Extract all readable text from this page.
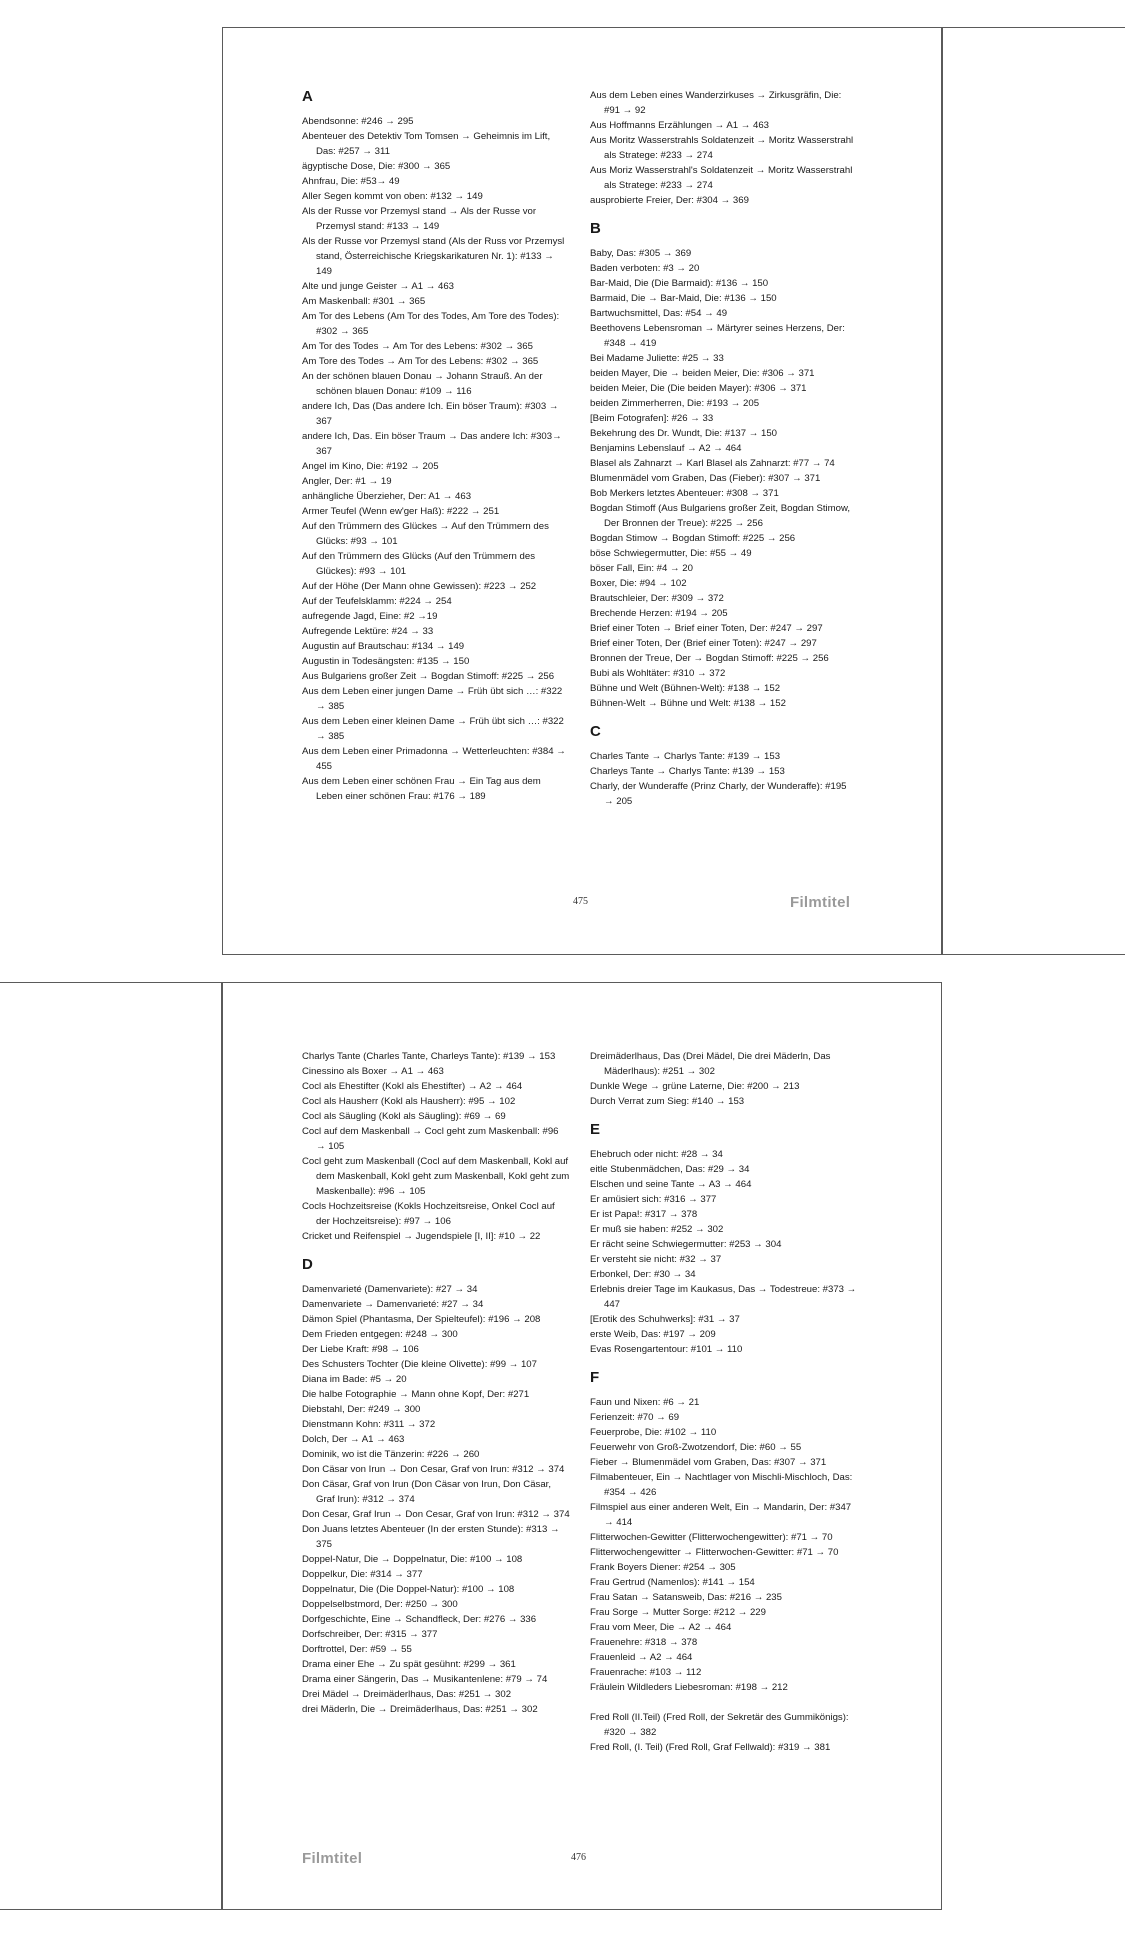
A
Abendsonne: #246 → 295
Abenteuer des Detektiv Tom Tomsen → Geheimnis im Lift, Das: #257 → 311
ägyptische Dose, Die: #300 → 365
Ahnfrau, Die: #53→ 49
Aller Segen kommt von oben: #132 → 149
Als der Russe vor Przemysl stand → Als der Russe vor Przemysl stand: #133 → 149
Als der Russe vor Przemysl stand (Als der Russ vor Przemysl stand, Österreichische Kriegskarikaturen Nr. 1): #133 → 149
Alte und junge Geister → A1 → 463
Am Maskenball: #301 → 365
Am Tor des Lebens (Am Tor des Todes, Am Tore des Todes): #302 → 365
Am Tor des Todes → Am Tor des Lebens: #302 → 365
Am Tore des Todes → Am Tor des Lebens: #302 → 365
An der schönen blauen Donau → Johann Strauß. An der schönen blauen Donau: #109 → 116
andere Ich, Das (Das andere Ich. Ein böser Traum): #303 → 367
andere Ich, Das. Ein böser Traum → Das andere Ich: #303→ 367
Angel im Kino, Die: #192 → 205
Angler, Der: #1 → 19
anhängliche Überzieher, Der: A1 → 463
Armer Teufel (Wenn ew'ger Haß): #222 → 251
Auf den Trümmern des Glückes → Auf den Trümmern des Glücks: #93 → 101
Auf den Trümmern des Glücks (Auf den Trümmern des Glückes): #93 → 101
Auf der Höhe (Der Mann ohne Gewissen): #223 → 252
Auf der Teufelsklamm: #224 → 254
aufregende Jagd, Eine: #2 →19
Aufregende Lektüre: #24 → 33
Augustin auf Brautschau: #134 → 149
Augustin in Todesängsten: #135 → 150
Aus Bulgariens großer Zeit → Bogdan Stimoff: #225 → 256
Aus dem Leben einer jungen Dame → Früh übt sich …: #322 → 385
Aus dem Leben einer kleinen Dame → Früh übt sich …: #322 → 385
Aus dem Leben einer Primadonna → Wetterleuchten: #384 → 455
Aus dem Leben einer schönen Frau → Ein Tag aus dem Leben einer schönen Frau: #176 → 189
Aus dem Leben eines Wanderzirkuses → Zirkusgräfin, Die: #91 → 92
Aus Hoffmanns Erzählungen → A1 → 463
Aus Moritz Wasserstrahls Soldatenzeit → Moritz Wasserstrahl als Stratege: #233 → 274
Aus Moriz Wasserstrahl's Soldatenzeit → Moritz Wasserstrahl als Stratege: #233 → 274
ausprobierte Freier, Der: #304 → 369
B
Baby, Das: #305 → 369
Baden verboten: #3 → 20
Bar-Maid, Die (Die Barmaid): #136 → 150
Barmaid, Die → Bar-Maid, Die: #136 → 150
Bartwuchsmittel, Das: #54 → 49
Beethovens Lebensroman → Märtyrer seines Herzens, Der: #348 → 419
Bei Madame Juliette: #25 → 33
beiden Mayer, Die → beiden Meier, Die: #306 → 371
beiden Meier, Die (Die beiden Mayer): #306 → 371
beiden Zimmerherren, Die: #193 → 205
[Beim Fotografen]: #26 → 33
Bekehrung des Dr. Wundt, Die: #137 → 150
Benjamins Lebenslauf → A2 → 464
Blasel als Zahnarzt → Karl Blasel als Zahnarzt: #77 → 74
Blumenmädel vom Graben, Das (Fieber): #307 → 371
Bob Merkers letztes Abenteuer: #308 → 371
Bogdan Stimoff (Aus Bulgariens großer Zeit, Bogdan Stimow, Der Bronnen der Treue): #225 → 256
Bogdan Stimow → Bogdan Stimoff: #225 → 256
böse Schwiegermutter, Die: #55 → 49
böser Fall, Ein: #4 → 20
Boxer, Die: #94 → 102
Brautschleier, Der: #309 → 372
Brechende Herzen: #194 → 205
Brief einer Toten → Brief einer Toten, Der: #247 → 297
Brief einer Toten, Der (Brief einer Toten): #247 → 297
Bronnen der Treue, Der → Bogdan Stimoff: #225 → 256
Bubi als Wohltäter: #310 → 372
Bühne und Welt (Bühnen-Welt): #138 → 152
Bühnen-Welt → Bühne und Welt: #138 → 152
C
Charles Tante → Charlys Tante: #139 → 153
Charleys Tante → Charlys Tante: #139 → 153
Charly, der Wunderaffe (Prinz Charly, der Wunderaffe): #195 → 205
475	Filmtitel
Charlys Tante (Charles Tante, Charleys Tante): #139 → 153
Cinessino als Boxer → A1 → 463
Cocl als Ehestifter (Kokl als Ehestifter) → A2 → 464
Cocl als Hausherr (Kokl als Hausherr): #95 → 102
Cocl als Säugling (Kokl als Säugling): #69 → 69
Cocl auf dem Maskenball → Cocl geht zum Maskenball: #96 → 105
Cocl geht zum Maskenball (Cocl auf dem Maskenball, Kokl auf dem Maskenball, Kokl geht zum Maskenball, Kokl geht zum Maskenballe): #96 → 105
Cocls Hochzeitsreise (Kokls Hochzeitsreise, Onkel Cocl auf der Hochzeitsreise): #97 → 106
Cricket und Reifenspiel → Jugendspiele [I, II]: #10 → 22
D
Damenvarieté (Damenvariete): #27 → 34
Damenvariete → Damenvarieté: #27 → 34
Dämon Spiel (Phantasma, Der Spielteufel): #196 → 208
Dem Frieden entgegen: #248 → 300
Der Liebe Kraft: #98 → 106
Des Schusters Tochter (Die kleine Olivette): #99 → 107
Diana im Bade: #5 → 20
Die halbe Fotographie → Mann ohne Kopf, Der: #271
Diebstahl, Der: #249 → 300
Dienstmann Kohn: #311 → 372
Dolch, Der → A1 → 463
Dominik, wo ist die Tänzerin: #226 → 260
Don Cäsar von Irun → Don Cesar, Graf von Irun: #312 → 374
Don Cäsar, Graf von Irun (Don Cäsar von Irun, Don Cäsar, Graf Irun): #312 → 374
Don Cesar, Graf Irun → Don Cesar, Graf von Irun: #312 → 374
Don Juans letztes Abenteuer (In der ersten Stunde): #313 → 375
Doppel-Natur, Die → Doppelnatur, Die: #100 → 108
Doppelkur, Die: #314 → 377
Doppelnatur, Die (Die Doppel-Natur): #100 → 108
Doppelselbstmord, Der: #250 → 300
Dorfgeschichte, Eine → Schandfleck, Der: #276 → 336
Dorfschreiber, Der: #315 → 377
Dorftrottel, Der: #59 → 55
Drama einer Ehe → Zu spät gesühnt: #299 → 361
Drama einer Sängerin, Das → Musikantenlene: #79 → 74
Drei Mädel → Dreimäderlhaus, Das: #251 → 302
drei Mäderln, Die → Dreimäderlhaus, Das: #251 → 302
Dreimäderlhaus, Das (Drei Mädel, Die drei Mäderln, Das Mäderlhaus): #251 → 302
Dunkle Wege → grüne Laterne, Die: #200 → 213
Durch Verrat zum Sieg: #140 → 153
E
Ehebruch oder nicht: #28 → 34
eitle Stubenmädchen, Das: #29 → 34
Elschen und seine Tante → A3 → 464
Er amüsiert sich: #316 → 377
Er ist Papa!: #317 → 378
Er muß sie haben: #252 → 302
Er rächt seine Schwiegermutter: #253 → 304
Er versteht sie nicht: #32 → 37
Erbonkel, Der: #30 → 34
Erlebnis dreier Tage im Kaukasus, Das → Todestreue: #373 → 447
[Erotik des Schuhwerks]: #31 → 37
erste Weib, Das: #197 → 209
Evas Rosengartentour: #101 → 110
F
Faun und Nixen: #6 → 21
Ferienzeit: #70 → 69
Feuerprobe, Die: #102 → 110
Feuerwehr von Groß-Zwotzendorf, Die: #60 → 55
Fieber → Blumenmädel vom Graben, Das: #307 → 371
Filmabenteuer, Ein → Nachtlager von Mischli-Mischloch, Das: #354 → 426
Filmspiel aus einer anderen Welt, Ein → Mandarin, Der: #347 → 414
Flitterwochen-Gewitter (Flitterwochengewitter): #71 → 70
Flitterwochengewitter → Flitterwochen-Gewitter: #71 → 70
Frank Boyers Diener: #254 → 305
Frau Gertrud (Namenlos): #141 → 154
Frau Satan → Satansweib, Das: #216 → 235
Frau Sorge → Mutter Sorge: #212 → 229
Frau vom Meer, Die → A2 → 464
Frauenehre: #318 → 378
Frauenleid → A2 → 464
Frauenrache: #103 → 112
Fräulein Wildleders Liebesroman: #198 → 212
Fred Roll (II.Teil) (Fred Roll, der Sekretär des Gummikönigs): #320 → 382
Fred Roll, (I. Teil) (Fred Roll, Graf Fellwald): #319 → 381
Filmtitel	476
